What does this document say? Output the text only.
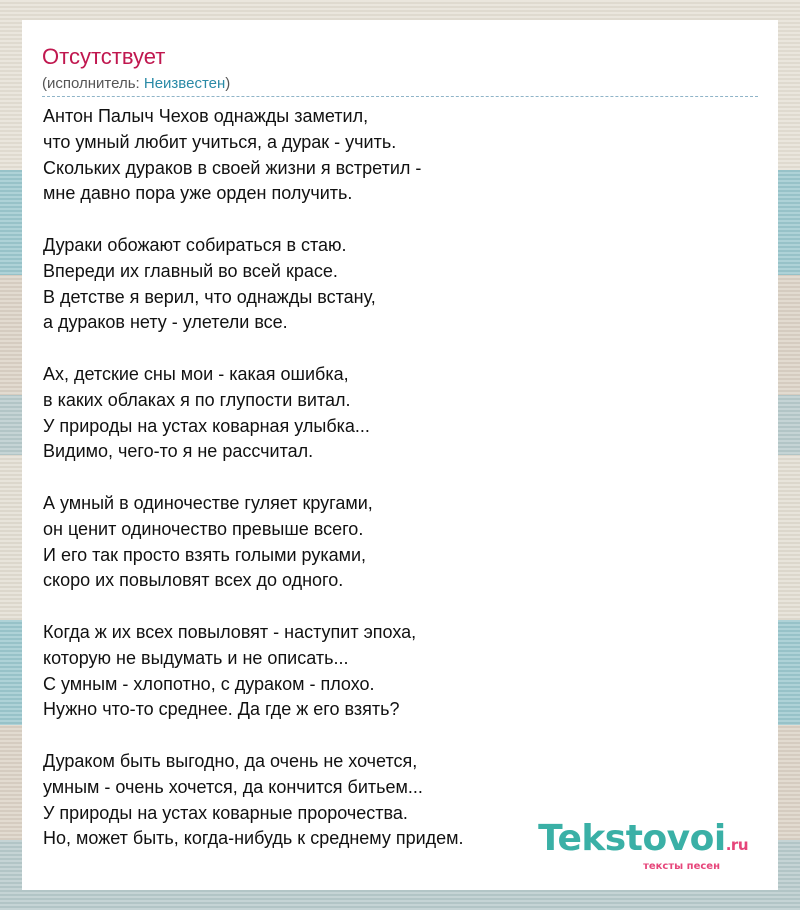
Отсутствует
(исполнитель: Неизвестен)
Антон Палыч Чехов однажды заметил,
что умный любит учиться, а дурак - учить.
Скольких дураков в своей жизни я встретил -
мне давно пора уже орден получить.
Дураки обожают собираться в стаю.
Впереди их главный во всей красе.
В детстве я верил, что однажды встану,
а дураков нету - улетели все.
Ах, детские сны мои - какая ошибка,
в каких облаках я по глупости витал.
У природы на устах коварная улыбка...
Видимо, чего-то я не рассчитал.
А умный в одиночестве гуляет кругами,
он ценит одиночество превыше всего.
И его так просто взять голыми руками,
скоро их повыловят всех до одного.
Когда ж их всех повыловят - наступит эпоха,
которую не выдумать и не описать...
С умным - хлопотно, с дураком - плохо.
Нужно что-то среднее. Да где ж его взять?
Дураком быть выгодно, да очень не хочется,
умным - очень хочется, да кончится битьем...
У природы на устах коварные пророчества.
Но, может быть, когда-нибудь к среднему придем.	Tekstovoi.ru
тексты песен
